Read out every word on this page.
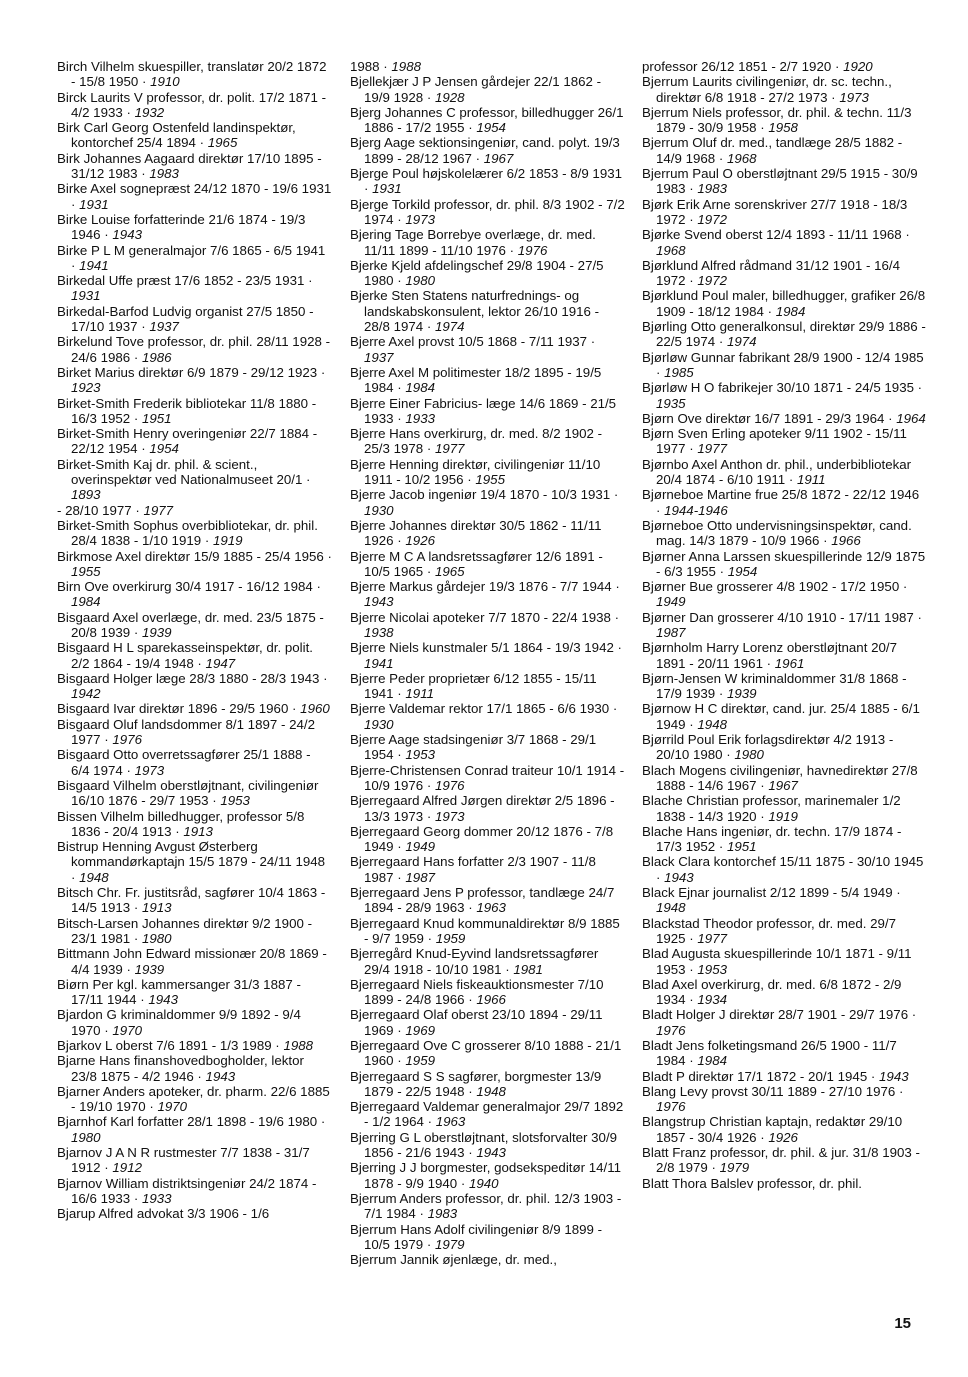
Birch Vilhelm skuespiller, translatør 20/2 1872 - 15/8 1950 · 1910

Birck Laurits V professor, dr. polit. 17/2 1871 - 4/2 1933 · 1932

Birk Carl Georg Ostenfeld landinspektør, kontorchef 25/4 1894 · 1965

Birk Johannes Aagaard direktør 17/10 1895 - 31/12 1983 · 1983

Birke Axel sognepræst 24/12 1870 - 19/6 1931 · 1931

Birke Louise forfatterinde 21/6 1874 - 19/3 1946 · 1943

Birke P L M generalmajor 7/6 1865 - 6/5 1941 · 1941

Birkedal Uffe præst 17/6 1852 - 23/5 1931 · 1931

Birkedal-Barfod Ludvig organist 27/5 1850 - 17/10 1937 · 1937

Birkelund Tove professor, dr. phil. 28/11 1928 - 24/6 1986 · 1986

Birket Marius direktør 6/9 1879 - 29/12 1923 · 1923

Birket-Smith Frederik bibliotekar 11/8 1880 - 16/3 1952 · 1951

Birket-Smith Henry overingeniør 22/7 1884 - 22/12 1954 · 1954

Birket-Smith Kaj dr. phil. & scient., overinspektør ved Nationalmuseet 20/1 · 1893

- 28/10 1977 · 1977

Birket-Smith Sophus overbibliotekar, dr. phil. 28/4 1838 - 1/10 1919 · 1919

Birkmose Axel direktør 15/9 1885 - 25/4 1956 · 1955

Birn Ove overkirurg 30/4 1917 - 16/12 1984 · 1984

Bisgaard Axel overlæge, dr. med. 23/5 1875 - 20/8 1939 · 1939

Bisgaard H L sparekasseinspektør, dr. polit. 2/2 1864 - 19/4 1948 · 1947

Bisgaard Holger læge 28/3 1880 - 28/3 1943 · 1942

Bisgaard Ivar direktør 1896 - 29/5 1960 · 1960

Bisgaard Oluf landsdommer 8/1 1897 - 24/2 1977 · 1976

Bisgaard Otto overretssagfører 25/1 1888 - 6/4 1974 · 1973

Bisgaard Vilhelm oberstløjtnant, civilingeniør 16/10 1876 - 29/7 1953 · 1953

Bissen Vilhelm billedhugger, professor 5/8 1836 - 20/4 1913 · 1913

Bistrup Henning Avgust Østerberg kommandørkaptajn 15/5 1879 - 24/11 1948 · 1948

Bitsch Chr. Fr. justitsråd, sagfører 10/4 1863 - 14/5 1913 · 1913

Bitsch-Larsen Johannes direktør 9/2 1900 - 23/1 1981 · 1980

Bittmann John Edward missionær 20/8 1869 - 4/4 1939 · 1939

Biørn Per kgl. kammersanger 31/3 1887 - 17/11 1944 · 1943

Bjardon G kriminaldommer 9/9 1892 - 9/4 1970 · 1970

Bjarkov L oberst 7/6 1891 - 1/3 1989 · 1988

Bjarne Hans finanshovedbogholder, lektor 23/8 1875 - 4/2 1946 · 1943

Bjarner Anders apoteker, dr. pharm. 22/6 1885 - 19/10 1970 · 1970

Bjarnhof Karl forfatter 28/1 1898 - 19/6 1980 · 1980

Bjarnov J A N R rustmester 7/7 1838 - 31/7 1912 · 1912

Bjarnov William distriktsingeniør 24/2 1874 - 16/6 1933 · 1933

Bjarup Alfred advokat 3/3 1906 - 1/6

1988 · 1988

Bjellekjær J P Jensen gårdejer 22/1 1862 - 19/9 1928 · 1928

Bjerg Johannes C professor, billedhugger 26/1 1886 - 17/2 1955 · 1954

Bjerg Aage sektionsingeniør, cand. polyt. 19/3 1899 - 28/12 1967 · 1967

Bjerge Poul højskolelærer 6/2 1853 - 8/9 1931 · 1931

Bjerge Torkild professor, dr. phil. 8/3 1902 - 7/2 1974 · 1973

Bjering Tage Borrebye overlæge, dr. med. 11/11 1899 - 11/10 1976 · 1976

Bjerke Kjeld afdelingschef 29/8 1904 - 27/5 1980 · 1980

Bjerke Sten Statens naturfrednings- og landskabskonsulent, lektor 26/10 1916 - 28/8 1974 · 1974

Bjerre Axel provst 10/5 1868 - 7/11 1937 · 1937

Bjerre Axel M politimester 18/2 1895 - 19/5 1984 · 1984

Bjerre Einer Fabricius- læge 14/6 1869 - 21/5 1933 · 1933

Bjerre Hans overkirurg, dr. med. 8/2 1902 - 25/3 1978 · 1977

Bjerre Henning direktør, civilingeniør 11/10 1911 - 10/2 1956 · 1955

Bjerre Jacob ingeniør 19/4 1870 - 10/3 1931 · 1930

Bjerre Johannes direktør 30/5 1862 - 11/11 1926 · 1926

Bjerre M C A landsretssagfører 12/6 1891 - 10/5 1965 · 1965

Bjerre Markus gårdejer 19/3 1876 - 7/7 1944 · 1943

Bjerre Nicolai apoteker 7/7 1870 - 22/4 1938 · 1938

Bjerre Niels kunstmaler 5/1 1864 - 19/3 1942 · 1941

Bjerre Peder proprietær 6/12 1855 - 15/11 1941 · 1911

Bjerre Valdemar rektor 17/1 1865 - 6/6 1930 · 1930

Bjerre Aage stadsingeniør 3/7 1868 - 29/1 1954 · 1953

Bjerre-Christensen Conrad traiteur 10/1 1914 - 10/9 1976 · 1976

Bjerregaard Alfred Jørgen direktør 2/5 1896 - 13/3 1973 · 1973

Bjerregaard Georg dommer 20/12 1876 - 7/8 1949 · 1949

Bjerregaard Hans forfatter 2/3 1907 - 11/8 1987 · 1987

Bjerregaard Jens P professor, tandlæge 24/7 1894 - 28/9 1963 · 1963

Bjerregaard Knud kommunaldirektør 8/9 1885 - 9/7 1959 · 1959

Bjerregård Knud-Eyvind landsretssagfører 29/4 1918 - 10/10 1981 · 1981

Bjerregaard Niels fiskeauktionsmester 7/10 1899 - 24/8 1966 · 1966

Bjerregaard Olaf oberst 23/10 1894 - 29/11 1969 · 1969

Bjerregaard Ove C grosserer 8/10 1888 - 21/1 1960 · 1959

Bjerregaard S S sagfører, borgmester 13/9 1879 - 22/5 1948 · 1948

Bjerregaard Valdemar generalmajor 29/7 1892 - 1/2 1964 · 1963

Bjerring G L oberstløjtnant, slotsforvalter 30/9 1856 - 21/6 1943 · 1943

Bjerring J J borgmester, godsekspeditør 14/11 1878 - 9/9 1940 · 1940

Bjerrum Anders professor, dr. phil. 12/3 1903 - 7/1 1984 · 1983

Bjerrum Hans Adolf civilingeniør 8/9 1899 - 10/5 1979 · 1979

Bjerrum Jannik øjenlæge, dr. med.,

professor 26/12 1851 - 2/7 1920 · 1920

Bjerrum Laurits civilingeniør, dr. sc. techn., direktør 6/8 1918 - 27/2 1973 · 1973

Bjerrum Niels professor, dr. phil. & techn. 11/3 1879 - 30/9 1958 · 1958

Bjerrum Oluf dr. med., tandlæge 28/5 1882 - 14/9 1968 · 1968

Bjerrum Paul O oberstløjtnant 29/5 1915 - 30/9 1983 · 1983

Bjørk Erik Arne sorenskriver 27/7 1918 - 18/3 1972 · 1972

Bjørke Svend oberst 12/4 1893 - 11/11 1968 · 1968

Bjørklund Alfred rådmand 31/12 1901 - 16/4 1972 · 1972

Bjørklund Poul maler, billedhugger, grafiker 26/8 1909 - 18/12 1984 · 1984

Bjørling Otto generalkonsul, direktør 29/9 1886 - 22/5 1974 · 1974

Bjørløw Gunnar fabrikant 28/9 1900 - 12/4 1985 · 1985

Bjørløw H O fabrikejer 30/10 1871 - 24/5 1935 · 1935

Bjørn Ove direktør 16/7 1891 - 29/3 1964 · 1964

Bjørn Sven Erling apoteker 9/11 1902 - 15/11 1977 · 1977

Bjørnbo Axel Anthon dr. phil., underbibliotekar 20/4 1874 - 6/10 1911 · 1911

Bjørneboe Martine frue 25/8 1872 - 22/12 1946 · 1944-1946

Bjørneboe Otto undervisningsinspektør, cand. mag. 14/3 1879 - 10/9 1966 · 1966

Bjørner Anna Larssen skuespillerinde 12/9 1875 - 6/3 1955 · 1954

Bjørner Bue grosserer 4/8 1902 - 17/2 1950 · 1949

Bjørner Dan grosserer 4/10 1910 - 17/11 1987 · 1987

Bjørnholm Harry Lorenz oberstløjtnant 20/7 1891 - 20/11 1961 · 1961

Bjørn-Jensen W kriminaldommer 31/8 1868 - 17/9 1939 · 1939

Bjørnow H C direktør, cand. jur. 25/4 1885 - 6/1 1949 · 1948

Bjørrild Poul Erik forlagsdirektør 4/2 1913 - 20/10 1980 · 1980

Blach Mogens civilingeniør, havnedirektør 27/8 1888 - 14/6 1967 · 1967

Blache Christian professor, marinemaler 1/2 1838 - 14/3 1920 · 1919

Blache Hans ingeniør, dr. techn. 17/9 1874 - 17/3 1952 · 1951

Black Clara kontorchef 15/11 1875 - 30/10 1945 · 1943

Black Ejnar journalist 2/12 1899 - 5/4 1949 · 1948

Blackstad Theodor professor, dr. med. 29/7 1925 · 1977

Blad Augusta skuespillerinde 10/1 1871 - 9/11 1953 · 1953

Blad Axel overkirurg, dr. med. 6/8 1872 - 2/9 1934 · 1934

Bladt Holger J direktør 28/7 1901 - 29/7 1976 · 1976

Bladt Jens folketingsmand 26/5 1900 - 11/7 1984 · 1984

Bladt P direktør 17/1 1872 - 20/1 1945 · 1943

Blang Levy provst 30/11 1889 - 27/10 1976 · 1976

Blangstrup Christian kaptajn, redaktør 29/10 1857 - 30/4 1926 · 1926

Blatt Franz professor, dr. phil. & jur. 31/8 1903 - 2/8 1979 · 1979

Blatt Thora Balslev professor, dr. phil.

15
